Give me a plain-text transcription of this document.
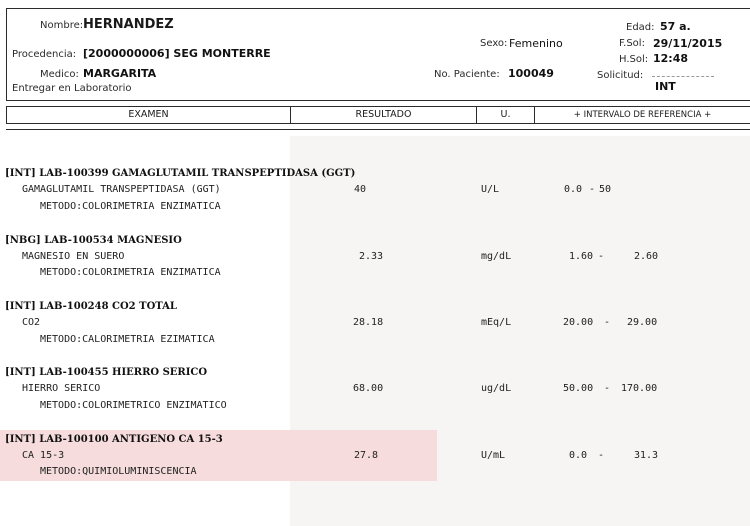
Nombre: HERNANDEZ
Procedencia: [2000000006] SEG MONTERRE
Medico: MARGARITA
Entregar en Laboratorio
Sexo: Femenino
No. Paciente: 100049
Edad: 57 a.
F.Sol: 29/11/2015
H.Sol: 12:48
Solicitud:
INT
EXAMEN	RESULTADO	U.	+ INTERVALO DE REFERENCIA +
[INT] LAB-100399 GAMAGLUTAMIL TRANSPEPTIDASA (GGT)
GAMAGLUTAMIL TRANSPEPTIDASA (GGT)
METODO:COLORIMETRIA ENZIMATICA
40	U/L	0.0 - 50
[NBG] LAB-100534 MAGNESIO
MAGNESIO EN SUERO
METODO:COLORIMETRIA ENZIMATICA
2.33	mg/dL	1.60 -	2.60
[INT] LAB-100248 CO2 TOTAL
CO2
METODO:CALORIMETRIA EZIMATICA
28.18	mEq/L	20.00 - 29.00
[INT] LAB-100455 HIERRO SERICO
HIERRO SERICO
METODO:COLORIMETRICO ENZIMATICO
68.00	ug/dL	50.00 - 170.00
[INT] LAB-100100 ANTIGENO CA 15-3
CA 15-3
METODO:QUIMIOLUMINISCENCIA
27.8	U/mL	0.0 -	31.3
